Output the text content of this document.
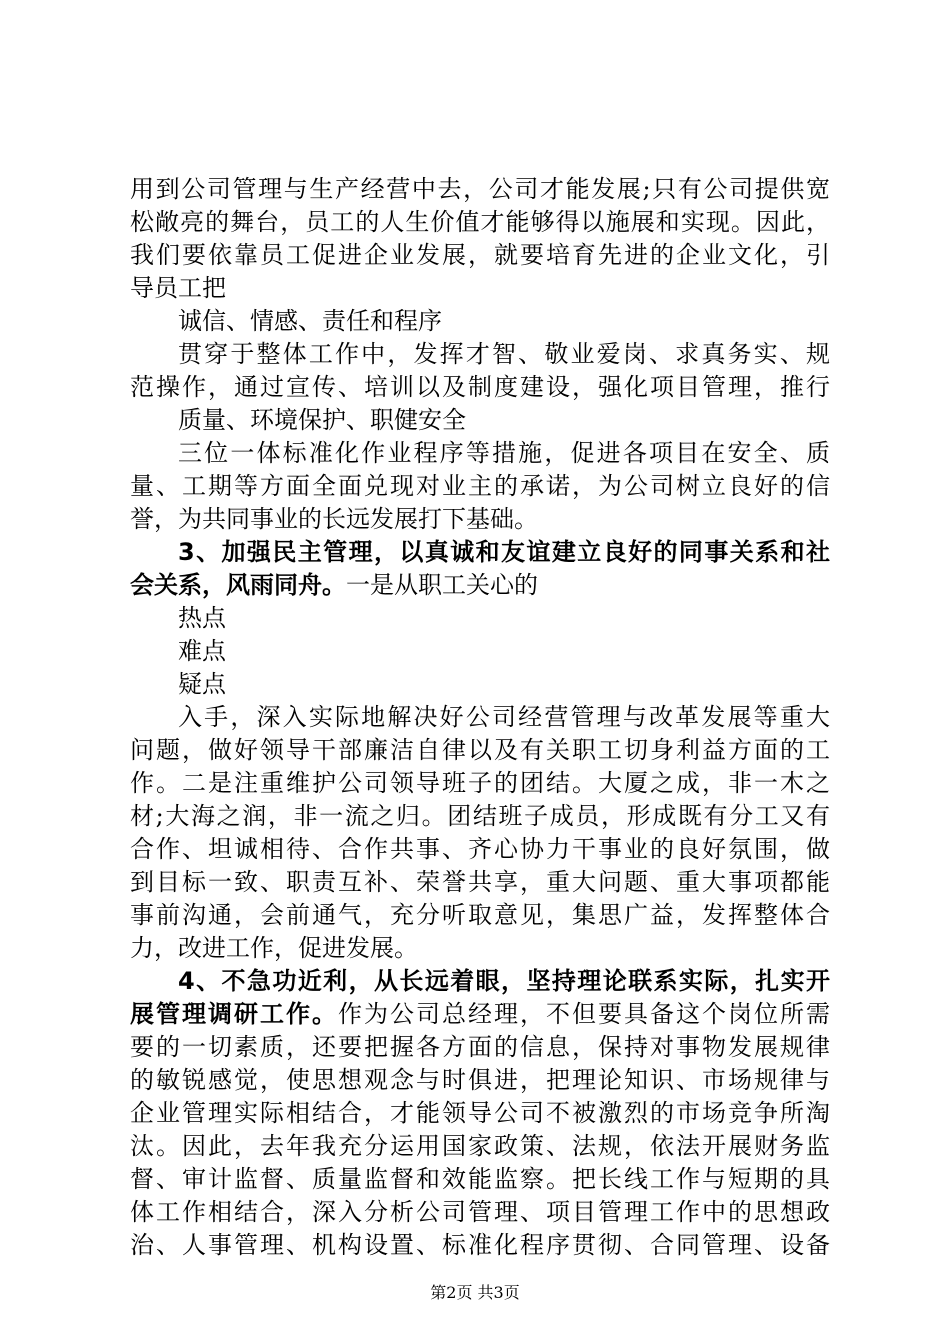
用到公司管理与生产经营中去，公司才能发展;只有公司提供宽
松敞亮的舞台，员工的人生价值才能够得以施展和实现。因此，
我们要依靠员工促进企业发展，就要培育先进的企业文化，引
导员工把
诚信、情感、责任和程序
贯穿于整体工作中，发挥才智、敬业爱岗、求真务实、规
范操作，通过宣传、培训以及制度建设，强化项目管理，推行
质量、环境保护、职健安全
三位一体标准化作业程序等措施，促进各项目在安全、质
量、工期等方面全面兑现对业主的承诺，为公司树立良好的信
誉，为共同事业的长远发展打下基础。
3、加强民主管理，以真诚和友谊建立良好的同事关系和社
会关系，风雨同舟。一是从职工关心的
热点
难点
疑点
入手，深入实际地解决好公司经营管理与改革发展等重大
问题，做好领导干部廉洁自律以及有关职工切身利益方面的工
作。二是注重维护公司领导班子的团结。大厦之成，非一木之
材;大海之润，非一流之归。团结班子成员，形成既有分工又有
合作、坦诚相待、合作共事、齐心协力干事业的良好氛围，做
到目标一致、职责互补、荣誉共享，重大问题、重大事项都能
事前沟通，会前通气，充分听取意见，集思广益，发挥整体合
力，改进工作，促进发展。
4、不急功近利，从长远着眼，坚持理论联系实际，扎实开
展管理调研工作。作为公司总经理，不但要具备这个岗位所需
要的一切素质，还要把握各方面的信息，保持对事物发展规律
的敏锐感觉，使思想观念与时俱进，把理论知识、市场规律与
企业管理实际相结合，才能领导公司不被激烈的市场竞争所淘
汰。因此，去年我充分运用国家政策、法规，依法开展财务监
督、审计监督、质量监督和效能监察。把长线工作与短期的具
体工作相结合，深入分析公司管理、项目管理工作中的思想政
治、人事管理、机构设置、标准化程序贯彻、合同管理、设备
第2页 共3页
